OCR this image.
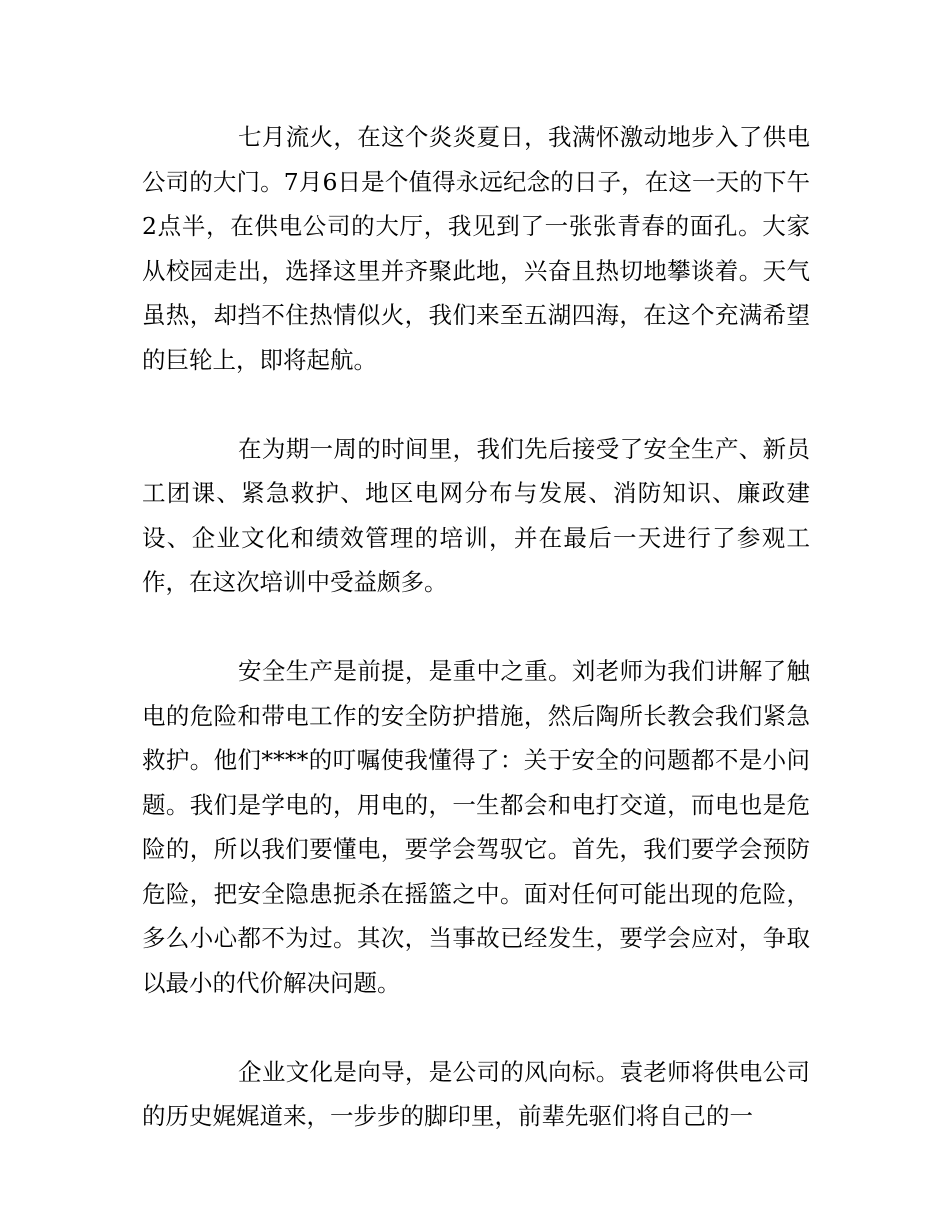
七月流火，在这个炎炎夏日，我满怀激动地步入了供电公司的大门。7月6日是个值得永远纪念的日子，在这一天的下午2点半，在供电公司的大厅，我见到了一张张青春的面孔。大家从校园走出，选择这里并齐聚此地，兴奋且热切地攀谈着。天气虽热，却挡不住热情似火，我们来至五湖四海，在这个充满希望的巨轮上，即将起航。

在为期一周的时间里，我们先后接受了安全生产、新员工团课、紧急救护、地区电网分布与发展、消防知识、廉政建设、企业文化和绩效管理的培训，并在最后一天进行了参观工作，在这次培训中受益颇多。

安全生产是前提，是重中之重。刘老师为我们讲解了触电的危险和带电工作的安全防护措施，然后陶所长教会我们紧急救护。他们****的叮嘱使我懂得了：关于安全的问题都不是小问题。我们是学电的，用电的，一生都会和电打交道，而电也是危险的，所以我们要懂电，要学会驾驭它。首先，我们要学会预防危险，把安全隐患扼杀在摇篮之中。面对任何可能出现的危险，多么小心都不为过。其次，当事故已经发生，要学会应对，争取以最小的代价解决问题。

企业文化是向导，是公司的风向标。袁老师将供电公司的历史娓娓道来，一步步的脚印里，前辈先驱们将自己的一
